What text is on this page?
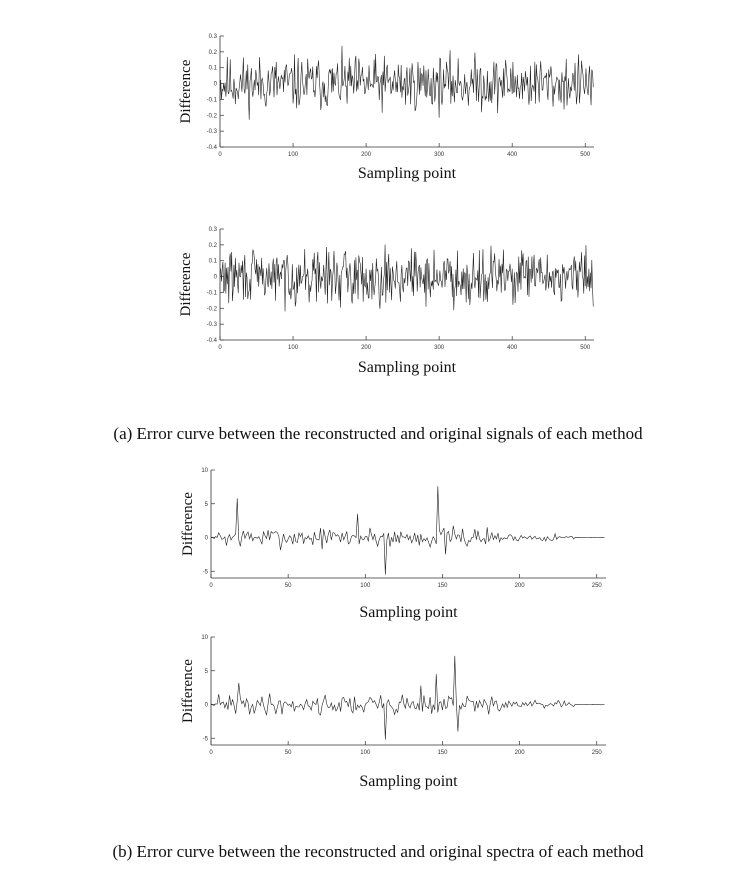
0.3
0.2
0.1
0
-0.1
-0.2
-0.3
-0.4
0	100	200	300	400	500
Sampling point
Difference
0.3
0.2
0.1
0
-0.1
-0.2
-0.3
-0.4
0	100	200	300	400	500
Sampling point
Difference
10
5
0
-5
0	50	100	150	200	250
Sampling point
Difference
10
5
0
-5
0	50	100	150	200	250
Sampling point
Difference
(a) Error curve between the reconstructed and original signals of each method
(b) Error curve between the reconstructed and original spectra of each method
